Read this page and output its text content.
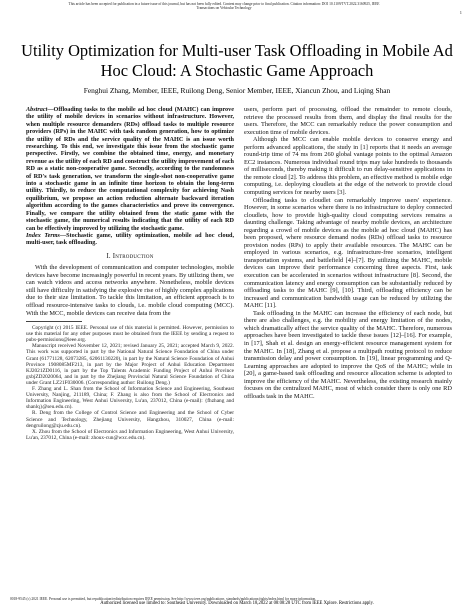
This article has been accepted for publication in a future issue of this journal, but has not been fully edited. Content may change prior to final publication. Citation information: DOI 10.1109/TVT.2022.3160925, IEEE
Transactions on Vehicular Technology
1
Utility Optimization for Multi-user Task Offloading in Mobile Ad Hoc Cloud: A Stochastic Game Approach
Fenghui Zhang, Member, IEEE, Ruilong Deng, Senior Member, IEEE, Xiancun Zhou, and Liqing Shan

Abstract—Offloading tasks to the mobile ad hoc cloud (MAHC) can improve the utility of mobile devices in scenarios without infrastructure. However, when multiple resource demanders (RDs) offload tasks to multiple resource providers (RPs) in the MAHC with task random generation, how to optimize the utility of RDs and the service quality of the MAHC is an issue worth researching. To this end, we investigate this issue from the stochastic game perspective. Firstly, we combine the obtained time, energy, and monetary revenue as the utility of each RD and construct the utility improvement of each RD as a static non-cooperative game. Secondly, according to the randomness of RD's task generation, we transform the single-shot non-cooperative game into a stochastic game in an infinite time horizon to obtain the long-term utility. Thirdly, to reduce the computational complexity for achieving Nash equilibrium, we propose an action reduction alternate backward iteration algorithm according to the games characteristics and prove its convergence. Finally, we compare the utility obtained from the static game with the stochastic game, the numerical results indicating that the utility of each RD can be effectively improved by utilizing the stochastic game.

Index Terms—Stochastic game, utility optimization, mobile ad hoc cloud, multi-user, task offloading.

I. Introduction

With the development of communication and computer technologies, mobile devices have become increasingly powerful in recent years. By utilizing them, we can watch videos and access networks anywhere. Nonetheless, mobile devices still have difficulty in satisfying the explosive rise of highly complex applications due to their size limitation. To tackle this limitation, an efficient approach is to offload resource-intensive tasks to clouds, i.e. mobile cloud computing (MCC). With the MCC, mobile devices can receive data from the

Copyright (c) 2015 IEEE. Personal use of this material is permitted. However, permission to use this material for any other purposes must be obtained from the IEEE by sending a request to pubs-permissions@ieee.org.

Manuscript received November 12, 2021; revised January 25, 2021; accepted March 9, 2022. This work was supported in part by the National Natural Science Foundation of China under Grant (61771128, 62073285, 62061130220), in part by the Natural Science Foundation of Anhui Province 1908085MF213, in part by the Major Project of Anhui Education Department KJ2021ZD0116, in part by the Top Talents Academic Funding Project of Anhui Province gxbjZD2020064, and in part by the Zhejiang Provincial Natural Science Foundation of China under Grant LZ21F030006. (Corresponding author: Ruilong Deng.)

F. Zhang and L. Shan from the School of Information Science and Engineering, Southeast University, Nanjing, 211189, China; F. Zhang is also from the School of Electronics and Information Engineering, West Anhui University, Lu'an, 237012, China (e-mail): {fhzhang and shanlq}@seu.edu.cn).

R. Deng from the College of Control Science and Engineering and the School of Cyber Science and Technology, Zhejiang University, Hangzhou, 310027, China (e-mail: dengruilong@zju.edu.cn).

X. Zhou from the School of Electronics and Information Engineering, West Anhui University, Lu'an, 237012, China (e-mail: zhoux-cun@wxc.edu.cn).

users, perform part of processing, offload the remainder to remote clouds, retrieve the processed results from them, and display the final results for the users. Therefore, the MCC can remarkably reduce the power consumption and execution time of mobile devices.

Although the MCC can enable mobile devices to conserve energy and perform advanced applications, the study in [1] reports that it needs an average round-trip time of 74 ms from 260 global vantage points to the optimal Amazon EC2 instances. Numerous individual round trips may take hundreds to thousands of milliseconds, thereby making it difficult to run delay-sensitive applications in the remote cloud [2]. To address this problem, an effective method is mobile edge computing, i.e. deploying cloudlets at the edge of the network to provide cloud computing services for nearby users [3].

Offloading tasks to cloudlet can remarkably improve users' experience. However, in some scenarios where there is no infrastructure to deploy connected cloudlets, how to provide high-quality cloud computing services remains a daunting challenge. Taking advantage of nearby mobile devices, an architecture regarding a crowd of mobile devices as the mobile ad hoc cloud (MAHC) has been proposed, where resource demand nodes (RDs) offload tasks to resource provision nodes (RPs) to apply their available resources. The MAHC can be employed in various scenarios, e.g. infrastructure-free scenarios, intelligent transportation systems, and battlefield [4]–[7]. By utilizing the MAHC, mobile devices can improve their performance concerning three aspects. First, task execution can be accelerated in scenarios without infrastructure [8]. Second, the communication latency and energy consumption can be substantially reduced by offloading tasks to the MAHC [9], [10]. Third, offloading efficiency can be increased and communication bandwidth usage can be reduced by utilizing the MAHC [11].

Task offloading in the MAHC can increase the efficiency of each node, but there are also challenges, e.g. the mobility and energy limitation of the nodes, which dramatically affect the service quality of the MAHC. Therefore, numerous approaches have been investigated to tackle these issues [12]–[16]. For example, in [17], Shah et al. design an energy-efficient resource management system for the MAHC. In [18], Zhang et al. propose a multipath routing protocol to reduce transmission delay and power consumption. In [19], linear programming and Q-Learning approaches are adopted to improve the QoS of the MAHC; while in [20], a game-based task offloading and resource allocation scheme is adopted to improve the efficiency of the MAHC. Nevertheless, the existing research mainly focuses on the centralized MAHC, most of which consider there is only one RD offloads task in the MAHC.

0018-9545 (c) 2021 IEEE. Personal use is permitted, but republication/redistribution requires IEEE permission. See http://www.ieee.org/publications_standards/publications/rights/index.html for more information.
Authorized licensed use limited to: Southeast University. Downloaded on March 18,2022 at 08:08:28 UTC from IEEE Xplore. Restrictions apply.
